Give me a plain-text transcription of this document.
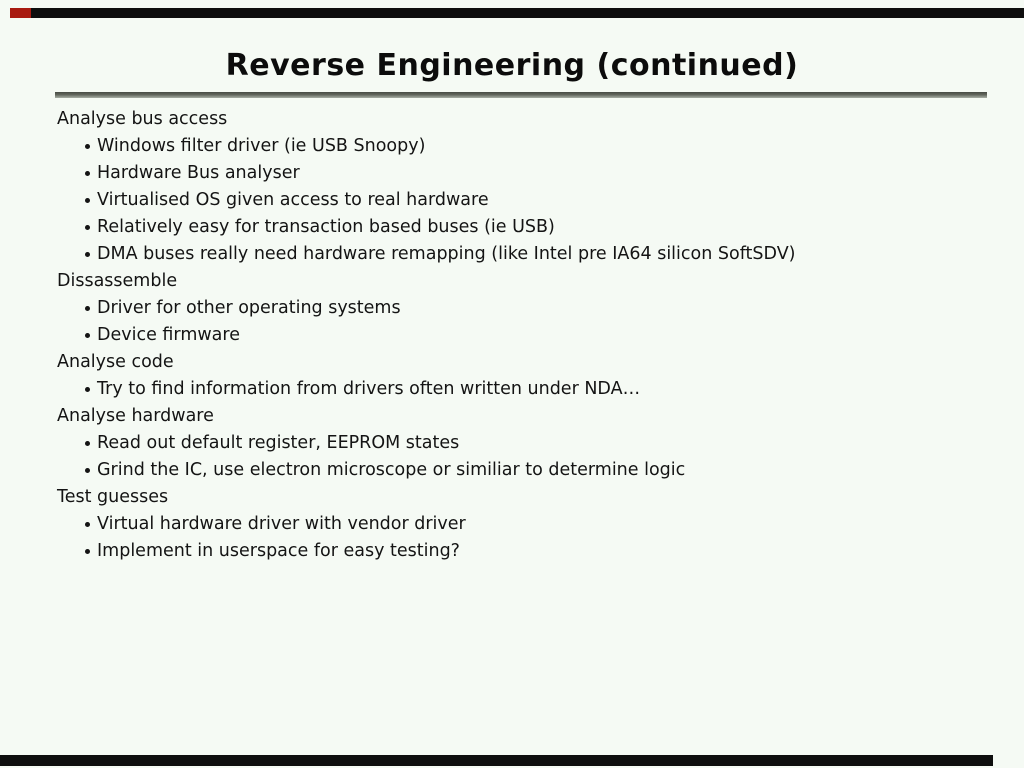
Reverse Engineering (continued)
Analyse bus access
Windows filter driver (ie USB Snoopy)
Hardware Bus analyser
Virtualised OS given access to real hardware
Relatively easy for transaction based buses (ie USB)
DMA buses really need hardware remapping (like Intel pre IA64 silicon SoftSDV)
Dissassemble
Driver for other operating systems
Device firmware
Analyse code
Try to find information from drivers often written under NDA…
Analyse hardware
Read out default register, EEPROM states
Grind the IC, use electron microscope or similiar to determine logic
Test guesses
Virtual hardware driver with vendor driver
Implement in userspace for easy testing?
